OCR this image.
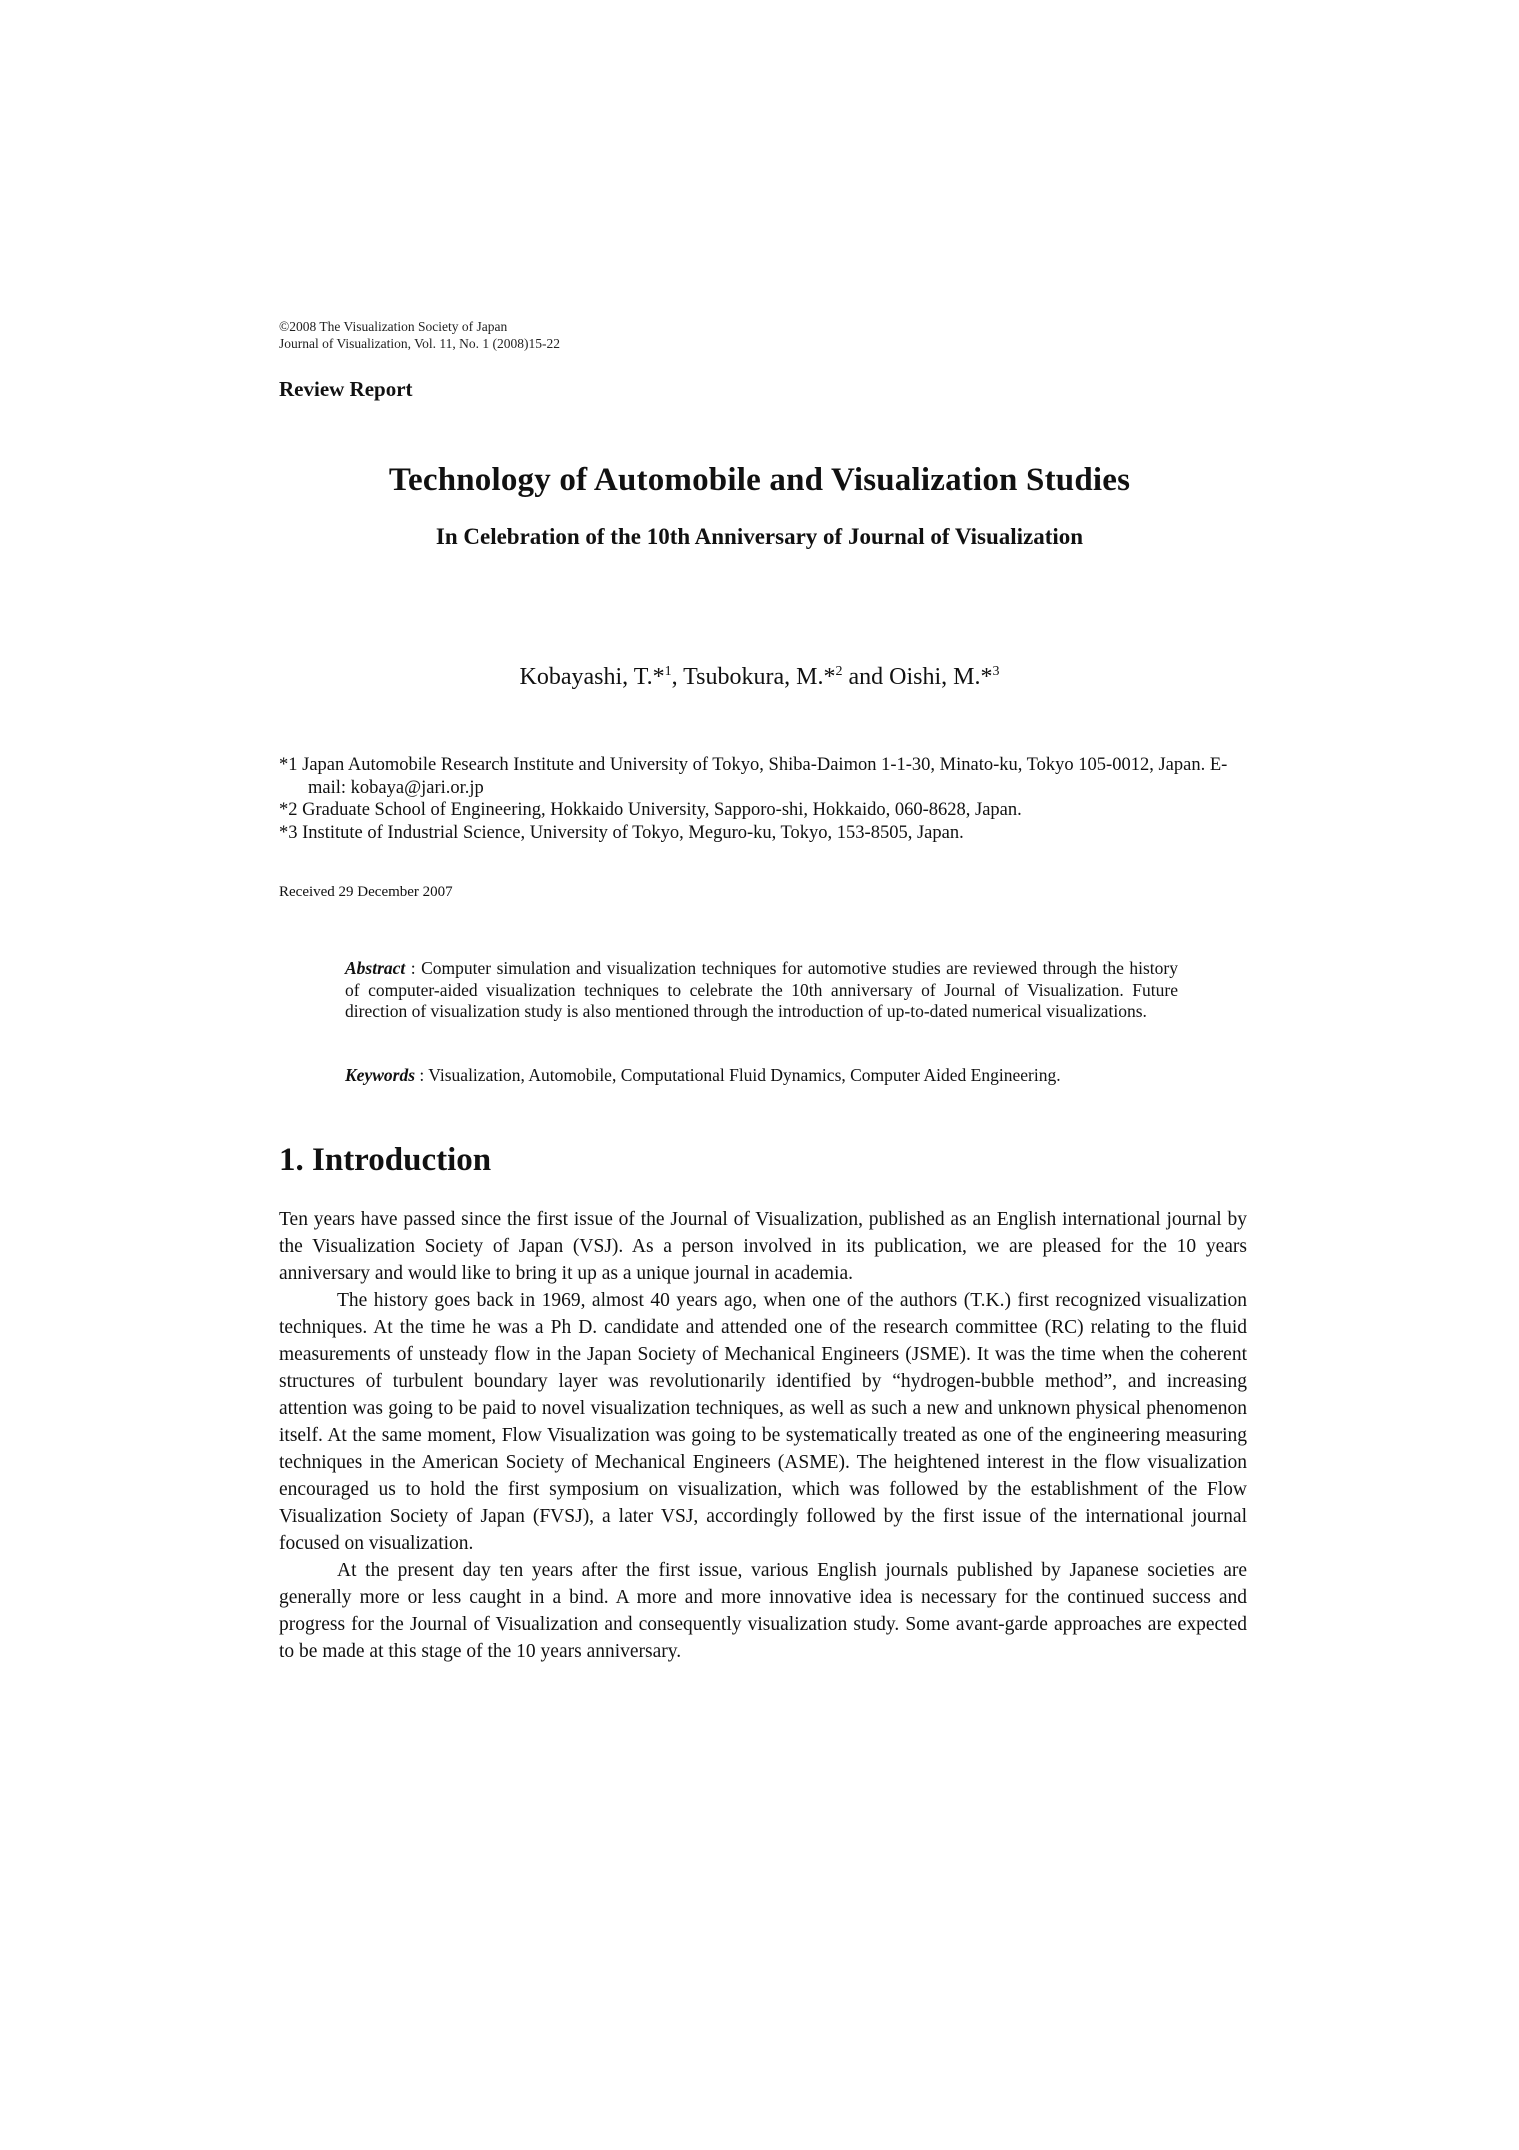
©2008 The Visualization Society of Japan
Journal of Visualization, Vol. 11, No. 1 (2008)15-22
Review Report
Technology of Automobile and Visualization Studies
In Celebration of the 10th Anniversary of Journal of Visualization
Kobayashi, T.*$^1$, Tsubokura, M.*$^2$ and Oishi, M.*$^3$
*1 Japan Automobile Research Institute and University of Tokyo, Shiba-Daimon 1-1-30, Minato-ku, Tokyo 105-0012, Japan. E-mail: kobaya@jari.or.jp
*2 Graduate School of Engineering, Hokkaido University, Sapporo-shi, Hokkaido, 060-8628, Japan.
*3 Institute of Industrial Science, University of Tokyo, Meguro-ku, Tokyo, 153-8505, Japan.
Received 29 December 2007
Abstract : Computer simulation and visualization techniques for automotive studies are reviewed through the history of computer-aided visualization techniques to celebrate the 10th anniversary of Journal of Visualization. Future direction of visualization study is also mentioned through the introduction of up-to-dated numerical visualizations.
Keywords : Visualization, Automobile, Computational Fluid Dynamics, Computer Aided Engineering.
1. Introduction

Ten years have passed since the first issue of the Journal of Visualization, published as an English international journal by the Visualization Society of Japan (VSJ). As a person involved in its publication, we are pleased for the 10 years anniversary and would like to bring it up as a unique journal in academia.

The history goes back in 1969, almost 40 years ago, when one of the authors (T.K.) first recognized visualization techniques. At the time he was a Ph D. candidate and attended one of the research committee (RC) relating to the fluid measurements of unsteady flow in the Japan Society of Mechanical Engineers (JSME). It was the time when the coherent structures of turbulent boundary layer was revolutionarily identified by “hydrogen-bubble method”, and increasing attention was going to be paid to novel visualization techniques, as well as such a new and unknown physical phenomenon itself. At the same moment, Flow Visualization was going to be systematically treated as one of the engineering measuring techniques in the American Society of Mechanical Engineers (ASME). The heightened interest in the flow visualization encouraged us to hold the first symposium on visualization, which was followed by the establishment of the Flow Visualization Society of Japan (FVSJ), a later VSJ, accordingly followed by the first issue of the international journal focused on visualization.

At the present day ten years after the first issue, various English journals published by Japanese societies are generally more or less caught in a bind. A more and more innovative idea is necessary for the continued success and progress for the Journal of Visualization and consequently visualization study. Some avant-garde approaches are expected to be made at this stage of the 10 years anniversary.
